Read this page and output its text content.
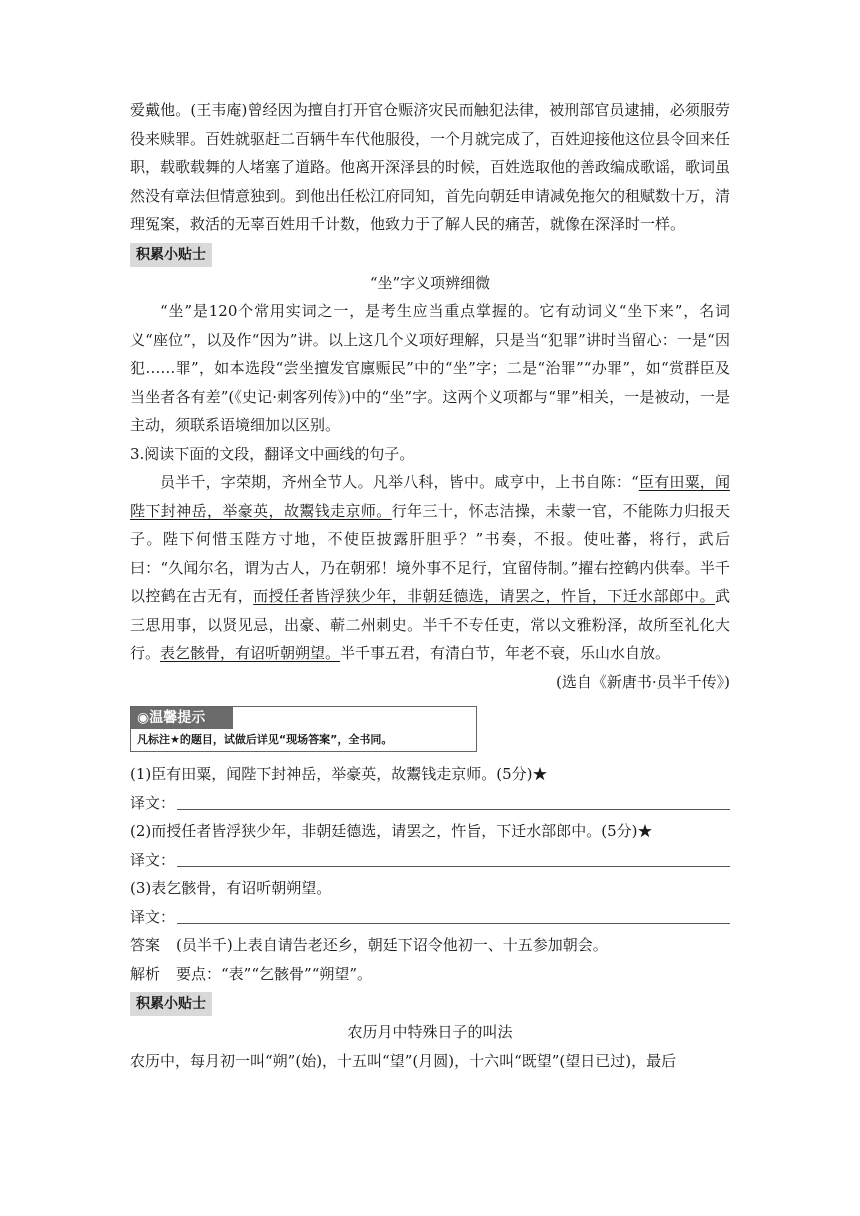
爱戴他。(王韦庵)曾经因为擅自打开官仓赈济灾民而触犯法律，被刑部官员逮捕，必须服劳役来赎罪。百姓就驱赶二百辆牛车代他服役，一个月就完成了，百姓迎接他这位县令回来任职，载歌载舞的人堵塞了道路。他离开深泽县的时候，百姓选取他的善政编成歌谣，歌词虽然没有章法但情意独到。到他出任松江府同知，首先向朝廷申请减免拖欠的租赋数十万，清理冤案，救活的无辜百姓用千计数，他致力于了解人民的痛苦，就像在深泽时一样。

积累小贴士

“坐”字义项辨细微

“坐”是120个常用实词之一，是考生应当重点掌握的。它有动词义“坐下来”，名词义“座位”，以及作“因为”讲。以上这几个义项好理解，只是当“犯罪”讲时当留心：一是“因犯……罪”，如本选段“尝坐擅发官廪赈民”中的“坐”字；二是“治罪”“办罪”，如“赏群臣及当坐者各有差”(《史记·刺客列传》)中的“坐”字。这两个义项都与“罪”相关，一是被动，一是主动，须联系语境细加以区别。

3.阅读下面的文段，翻译文中画线的句子。

员半千，字荣期，齐州全节人。凡举八科，皆中。咸亨中，上书自陈：“臣有田粟，闻陛下封神岳，举豪英，故鬻钱走京师。行年三十，怀志洁操，未蒙一官，不能陈力归报天子。陛下何惜玉陛方寸地，不使臣披露肝胆乎？”书奏，不报。使吐蕃，将行，武后曰：“久闻尔名，谓为古人，乃在朝邪！境外事不足行，宜留侍制。”擢右控鹤内供奉。半千以控鹤在古无有，而授任者皆浮狭少年，非朝廷德选，请罢之，忤旨，下迁水部郎中。武三思用事，以贤见忌，出豪、蕲二州刺史。半千不专任吏，常以文雅粉泽，故所至礼化大行。表乞骸骨，有诏听朝朔望。半千事五君，有清白节，年老不衰，乐山水自放。

(选自《新唐书·员半千传》)

◉温馨提示
凡标注★的题目，试做后详见“现场答案”，全书同。

(1)臣有田粟，闻陛下封神岳，举豪英，故鬻钱走京师。(5分)★

译文：

(2)而授任者皆浮狭少年，非朝廷德选，请罢之，忤旨，下迁水部郎中。(5分)★

译文：

(3)表乞骸骨，有诏听朝朔望。

译文：

答案 (员半千)上表自请告老还乡，朝廷下诏令他初一、十五参加朝会。

解析 要点：“表”“乞骸骨”“朔望”。

积累小贴士

农历月中特殊日子的叫法

农历中，每月初一叫“朔”(始)，十五叫“望”(月圆)，十六叫“既望”(望日已过)，最后
